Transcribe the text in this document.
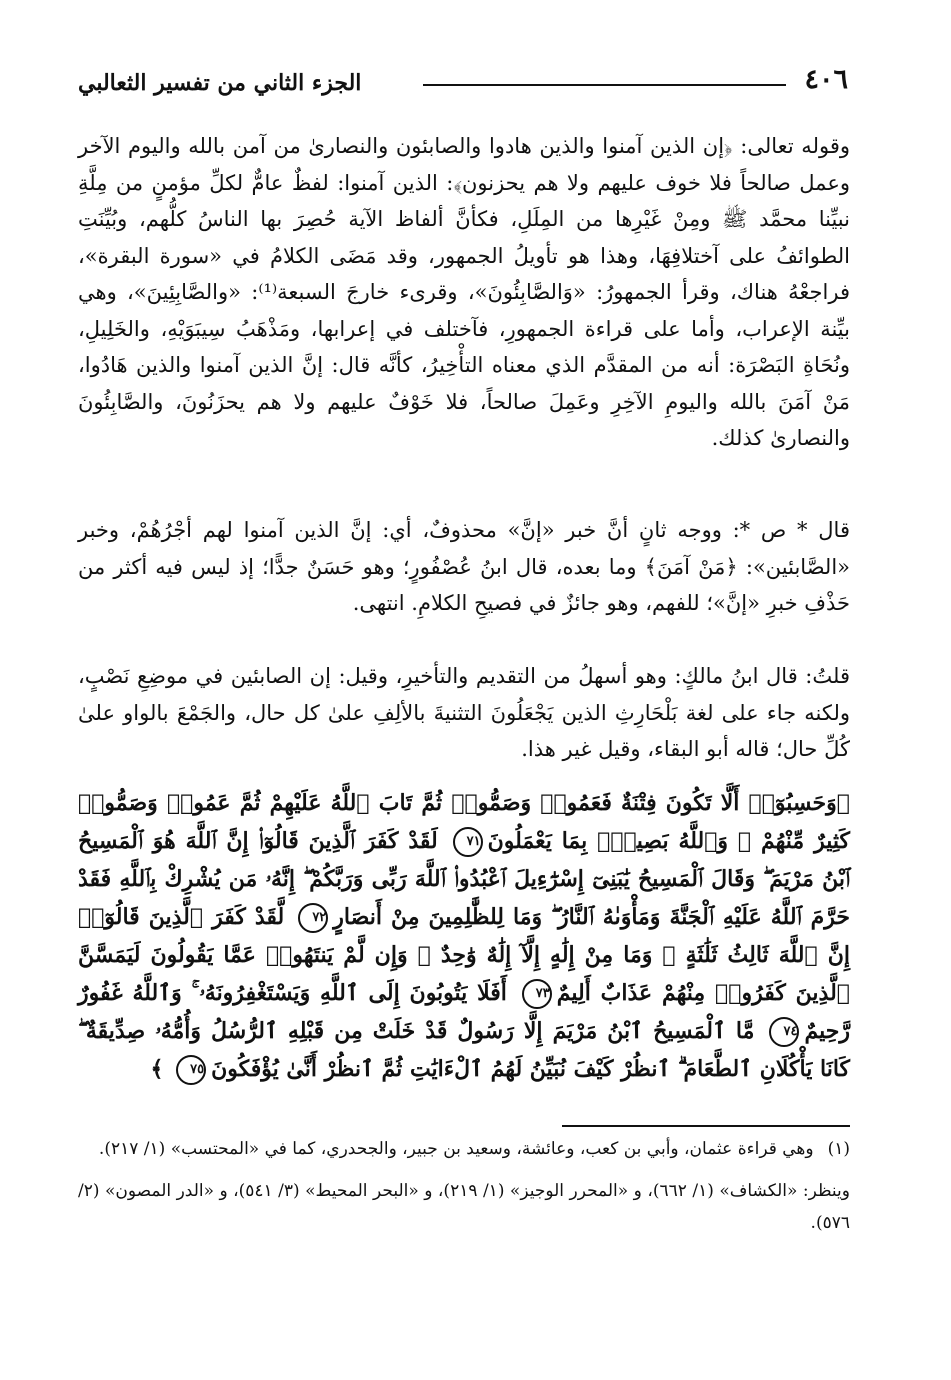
٤٠٦
الجزء الثاني من تفسير الثعالبي
وقوله تعالى: ﴿إن الذين آمنوا والذين هادوا والصابئون والنصارىٰ من آمن بالله واليوم الآخر وعمل صالحاً فلا خوف عليهم ولا هم يحزنون﴾: الذين آمنوا: لفظٌ عامٌّ لكلِّ مؤمنٍ من مِلَّةِ نبيِّنا محمَّد ﷺ ومِنْ غَيْرِها من المِلَلِ، فكأنَّ ألفاظ الآية حُصِرَ بها الناسُ كلُّهم، وبُيِّنَتِ الطوائفُ على آختلافِهَا، وهذا هو تأويلُ الجمهور، وقد مَضَى الكلامُ في «سورة البقرة»، فراجعْهُ هناك، وقرأ الجمهورُ: «وَالصَّابِئُونَ»، وقرىء خارجَ السبعة⁽¹⁾: «والصَّابِئِينَ»، وهي بيِّنة الإعراب، وأما على قراءة الجمهورِ، فآختلف في إعرابها، ومَذْهَبُ سِيبَوَيْهِ، والخَلِيلِ، ونُحَاةِ البَصْرَة: أنه من المقدَّم الذي معناه التأْخِيرُ، كأنَّه قال: إنَّ الذين آمنوا والذين هَادُوا، مَنْ آمَنَ بالله واليومِ الآخِرِ وعَمِلَ صالحاً، فلا خَوْفٌ عليهم ولا هم يحزَنُونَ، والصَّابِئُونَ والنصارىٰ كذلك.
قال * ص *: ووجه ثانٍ أنَّ خبر «إنَّ» محذوفٌ، أي: إنَّ الذين آمنوا لهم أجْرُهُمْ، وخبر «الصَّابئين»: ﴿مَنْ آمَنَ﴾ وما بعده، قال ابنُ عُصْفُورٍ؛ وهو حَسَنٌ جدًّا؛ إذ ليس فيه أكثر من حَذْفِ خبرِ «إنَّ»؛ للفهم، وهو جائزٌ في فصيحِ الكلامِ. انتهى.
قلتُ: قال ابنُ مالكٍ: وهو أسهلُ من التقديم والتأخيرِ، وقيل: إن الصابئين في موضِعِ نَصْبٍ، ولكنه جاء على لغة بَلْحَارِثِ الذين يَجْعَلُونَ التثنيةَ بالألِفِ علىٰ كل حال، والجَمْعَ بالواو علىٰ كُلِّ حال؛ قاله أبو البقاء، وقيل غير هذا.
﴿وَحَسِبُوٓا۟ أَلَّا تَكُونَ فِتْنَةٌ فَعَمُوا۟ وَصَمُّوا۟ ثُمَّ تَابَ ٱللَّهُ عَلَيْهِمْ ثُمَّ عَمُوا۟ وَصَمُّوا۟ كَثِيرٌ مِّنْهُمْ ۚ وَٱللَّهُ بَصِيرٌۢ بِمَا يَعْمَلُونَ٧١ لَقَدْ كَفَرَ ٱلَّذِينَ قَالُوٓا۟ إِنَّ ٱللَّهَ هُوَ ٱلْمَسِيحُ ٱبْنُ مَرْيَمَ ۖ وَقَالَ ٱلْمَسِيحُ يَٰبَنِىٓ إِسْرَٰٓءِيلَ ٱعْبُدُوا۟ ٱللَّهَ رَبِّى وَرَبَّكُمْ ۖ إِنَّهُۥ مَن يُشْرِكْ بِٱللَّهِ فَقَدْ حَرَّمَ ٱللَّهُ عَلَيْهِ ٱلْجَنَّةَ وَمَأْوَىٰهُ ٱلنَّارُ ۖ وَمَا لِلظَّٰلِمِينَ مِنْ أَنصَارٍ٧٢ لَّقَدْ كَفَرَ ٱلَّذِينَ قَالُوٓا۟ إِنَّ ٱللَّهَ ثَالِثُ ثَلَٰثَةٍ ۘ وَمَا مِنْ إِلَٰهٍ إِلَّآ إِلَٰهٌ وَٰحِدٌ ۚ وَإِن لَّمْ يَنتَهُوا۟ عَمَّا يَقُولُونَ لَيَمَسَّنَّ ٱلَّذِينَ كَفَرُوا۟ مِنْهُمْ عَذَابٌ أَلِيمٌ٧٣ أَفَلَا يَتُوبُونَ إِلَى ٱللَّهِ وَيَسْتَغْفِرُونَهُۥ ۚ وَٱللَّهُ غَفُورٌ رَّحِيمٌ٧٤ مَّا ٱلْمَسِيحُ ٱبْنُ مَرْيَمَ إِلَّا رَسُولٌ قَدْ خَلَتْ مِن قَبْلِهِ ٱلرُّسُلُ وَأُمُّهُۥ صِدِّيقَةٌ ۖ كَانَا يَأْكُلَانِ ٱلطَّعَامَ ۗ ٱنظُرْ كَيْفَ نُبَيِّنُ لَهُمُ ٱلْءَايَٰتِ ثُمَّ ٱنظُرْ أَنَّىٰ يُؤْفَكُونَ٧٥ ﴾
(١)وهي قراءة عثمان، وأبي بن كعب، وعائشة، وسعيد بن جبير، والجحدري، كما في «المحتسب» (١/ ٢١٧).
وينظر: «الكشاف» (١/ ٦٦٢)، و «المحرر الوجيز» (١/ ٢١٩)، و «البحر المحيط» (٣/ ٥٤١)، و «الدر المصون» (٢/ ٥٧٦).
